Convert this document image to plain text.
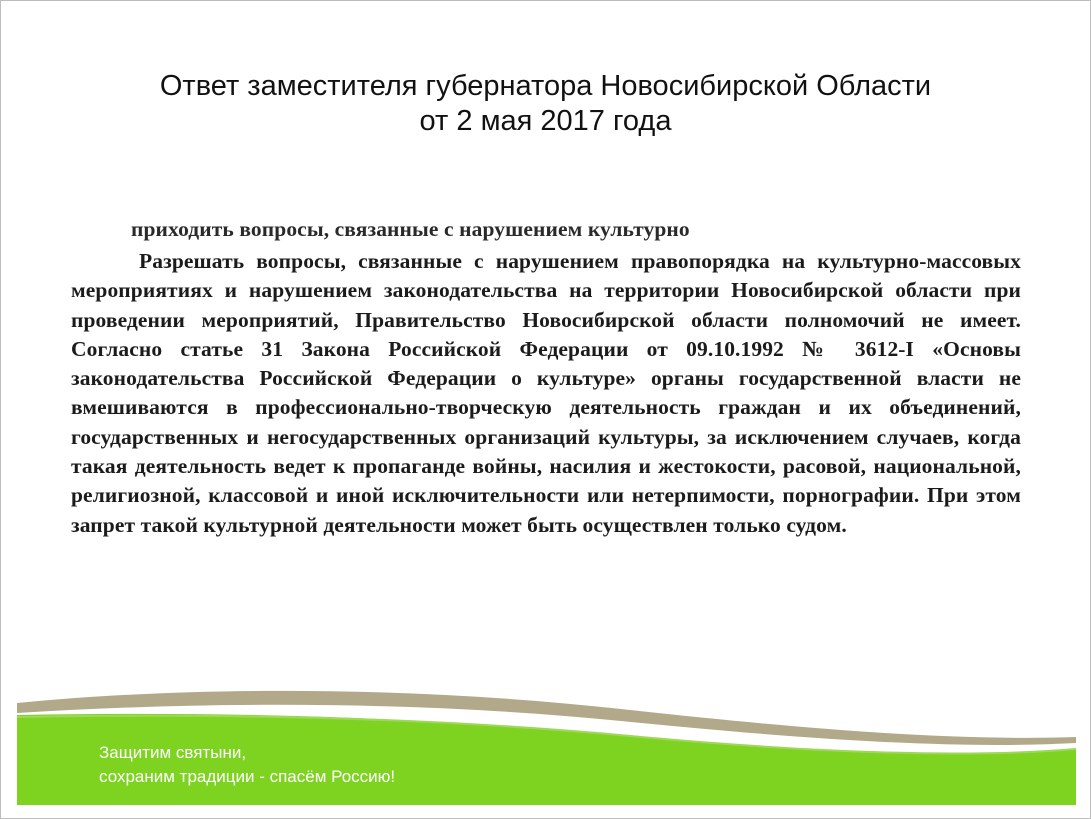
Ответ заместителя губернатора Новосибирской Области
от 2 мая 2017 года
приходить вопросы, связанные с нарушением культурно

Разрешать вопросы, связанные с нарушением правопорядка на культурно-массовых мероприятиях и нарушением законодательства на территории Новосибирской области при проведении мероприятий, Правительство Новосибирской области полномочий не имеет. Согласно статье 31 Закона Российской Федерации от 09.10.1992 № 3612-I «Основы законодательства Российской Федерации о культуре» органы государственной власти не вмешиваются в профессионально-творческую деятельность граждан и их объединений, государственных и негосударственных организаций культуры, за исключением случаев, когда такая деятельность ведет к пропаганде войны, насилия и жестокости, расовой, национальной, религиозной, классовой и иной исключительности или нетерпимости, порнографии. При этом запрет такой культурной деятельности может быть осуществлен только судом.

Защитим святыни,
сохраним традиции - спасём Россию!
